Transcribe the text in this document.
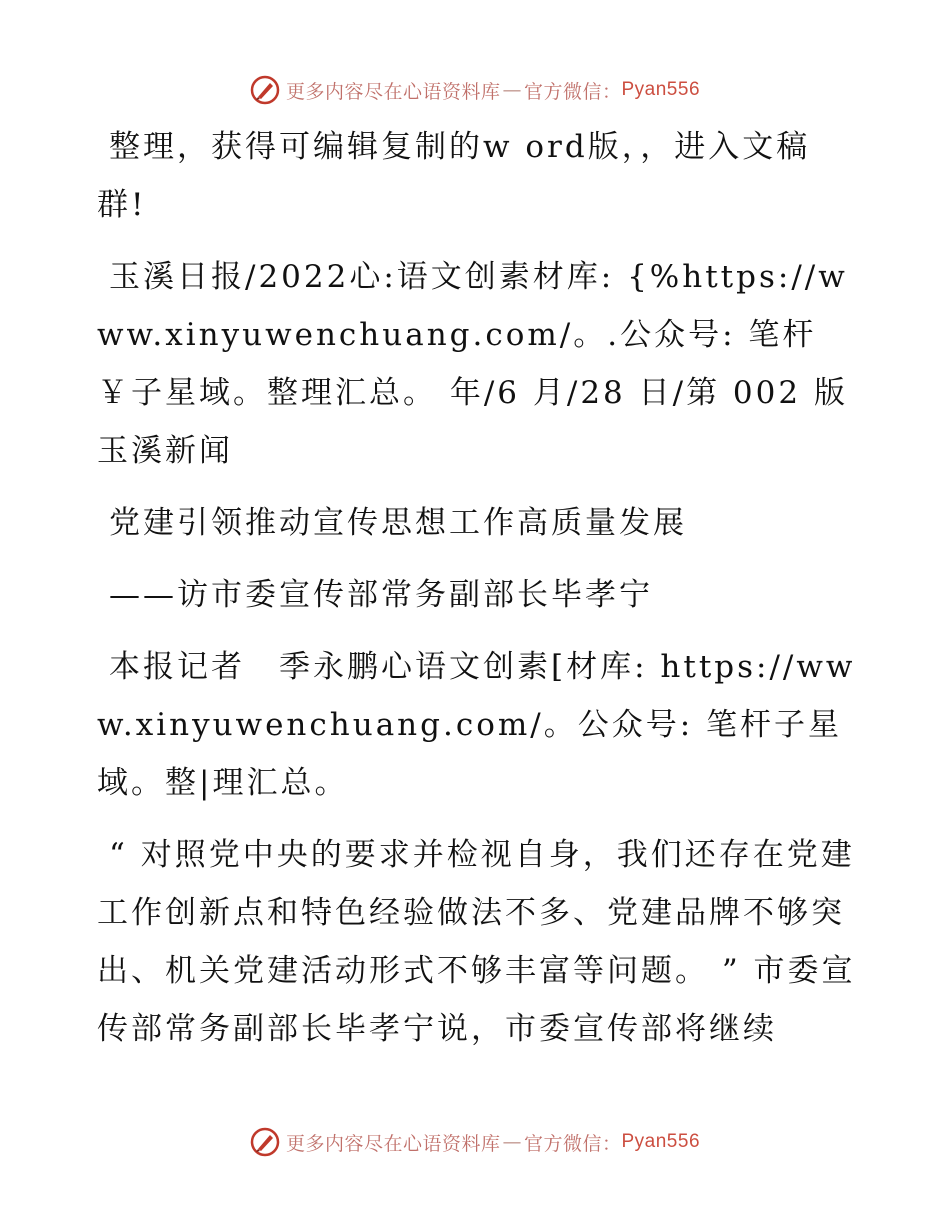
更多内容尽在心语资料库 — 官方微信： Pyan556

整理，获得可编辑复制的w ord版，，进入文稿群!

玉溪日报/2022心:语文创素材库: {%https://www.xinyuwenchuang.com/。.公众号: 笔杆￥子星域。整理汇总。 年/6 月/28 日/第 002 版玉溪新闻

党建引领推动宣传思想工作高质量发展

——访市委宣传部常务副部长毕孝宁

本报记者　季永鹏心语文创素[材库: https://www.xinyuwenchuang.com/。公众号: 笔杆子星域。整|理汇总。

“ 对照党中央的要求并检视自身，我们还存在党建工作创新点和特色经验做法不多、党建品牌不够突出、机关党建活动形式不够丰富等问题。 ” 市委宣传部常务副部长毕孝宁说，市委宣传部将继续

更多内容尽在心语资料库 — 官方微信： Pyan556
